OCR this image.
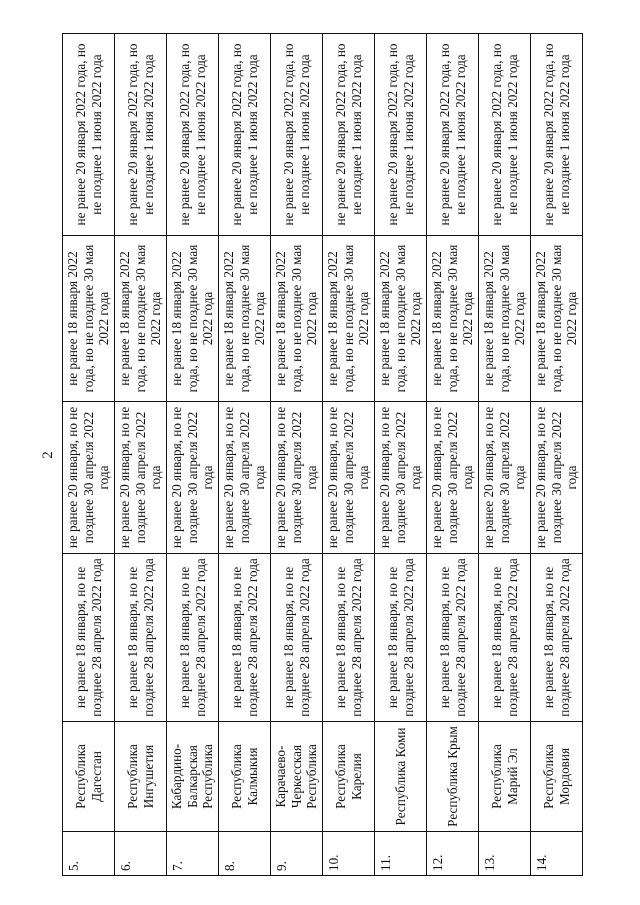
2
5.	Республика Дагестан	не ранее 18 января, но не позднее 28 апреля 2022 года	не ранее 20 января, но не позднее 30 апреля 2022 года	не ранее 18 января 2022 года, но не позднее 30 мая 2022 года	не ранее 20 января 2022 года, но не позднее 1 июня 2022 года
6.	Республика Ингушетия	не ранее 18 января, но не позднее 28 апреля 2022 года	не ранее 20 января, но не позднее 30 апреля 2022 года	не ранее 18 января 2022 года, но не позднее 30 мая 2022 года	не ранее 20 января 2022 года, но не позднее 1 июня 2022 года
7.	Кабардино-Балкарская Республика	не ранее 18 января, но не позднее 28 апреля 2022 года	не ранее 20 января, но не позднее 30 апреля 2022 года	не ранее 18 января 2022 года, но не позднее 30 мая 2022 года	не ранее 20 января 2022 года, но не позднее 1 июня 2022 года
8.	Республика Калмыкия	не ранее 18 января, но не позднее 28 апреля 2022 года	не ранее 20 января, но не позднее 30 апреля 2022 года	не ранее 18 января 2022 года, но не позднее 30 мая 2022 года	не ранее 20 января 2022 года, но не позднее 1 июня 2022 года
9.	Карачаево-Черкесская Республика	не ранее 18 января, но не позднее 28 апреля 2022 года	не ранее 20 января, но не позднее 30 апреля 2022 года	не ранее 18 января 2022 года, но не позднее 30 мая 2022 года	не ранее 20 января 2022 года, но не позднее 1 июня 2022 года
10.	Республика Карелия	не ранее 18 января, но не позднее 28 апреля 2022 года	не ранее 20 января, но не позднее 30 апреля 2022 года	не ранее 18 января 2022 года, но не позднее 30 мая 2022 года	не ранее 20 января 2022 года, но не позднее 1 июня 2022 года
11.	Республика Коми	не ранее 18 января, но не позднее 28 апреля 2022 года	не ранее 20 января, но не позднее 30 апреля 2022 года	не ранее 18 января 2022 года, но не позднее 30 мая 2022 года	не ранее 20 января 2022 года, но не позднее 1 июня 2022 года
12.	Республика Крым	не ранее 18 января, но не позднее 28 апреля 2022 года	не ранее 20 января, но не позднее 30 апреля 2022 года	не ранее 18 января 2022 года, но не позднее 30 мая 2022 года	не ранее 20 января 2022 года, но не позднее 1 июня 2022 года
13.	Республика Марий Эл	не ранее 18 января, но не позднее 28 апреля 2022 года	не ранее 20 января, но не позднее 30 апреля 2022 года	не ранее 18 января 2022 года, но не позднее 30 мая 2022 года	не ранее 20 января 2022 года, но не позднее 1 июня 2022 года
14.	Республика Мордовия	не ранее 18 января, но не позднее 28 апреля 2022 года	не ранее 20 января, но не позднее 30 апреля 2022 года	не ранее 18 января 2022 года, но не позднее 30 мая 2022 года	не ранее 20 января 2022 года, но не позднее 1 июня 2022 года
